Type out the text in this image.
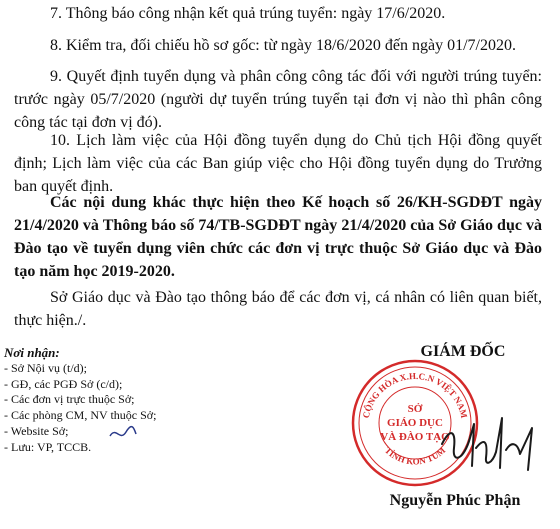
7. Thông báo công nhận kết quả trúng tuyển: ngày 17/6/2020.

8. Kiểm tra, đối chiếu hồ sơ gốc: từ ngày 18/6/2020 đến ngày 01/7/2020.

9. Quyết định tuyển dụng và phân công công tác đối với người trúng tuyển: trước ngày 05/7/2020 (người dự tuyển trúng tuyển tại đơn vị nào thì phân công công tác tại đơn vị đó).

10. Lịch làm việc của Hội đồng tuyển dụng do Chủ tịch Hội đồng quyết định; Lịch làm việc của các Ban giúp việc cho Hội đồng tuyển dụng do Trưởng ban quyết định.

Các nội dung khác thực hiện theo Kế hoạch số 26/KH-SGDĐT ngày 21/4/2020 và Thông báo số 74/TB-SGDĐT ngày 21/4/2020 của Sở Giáo dục và Đào tạo về tuyển dụng viên chức các đơn vị trực thuộc Sở Giáo dục và Đào tạo năm học 2019-2020.

Sở Giáo dục và Đào tạo thông báo để các đơn vị, cá nhân có liên quan biết, thực hiện./.

Nơi nhận:
- Sở Nội vụ (t/d);
- GĐ, các PGĐ Sở (c/d);
- Các đơn vị trực thuộc Sở;
- Các phòng CM, NV thuộc Sở;
- Website Sở;
- Lưu: VP, TCCB.
GIÁM ĐỐC
CỘNG HÒA X.H.C.N VIỆT NAM
TỈNH KON TUM
SỞ
GIÁO DỤC
VÀ ĐÀO TẠO
Nguyễn Phúc Phận
